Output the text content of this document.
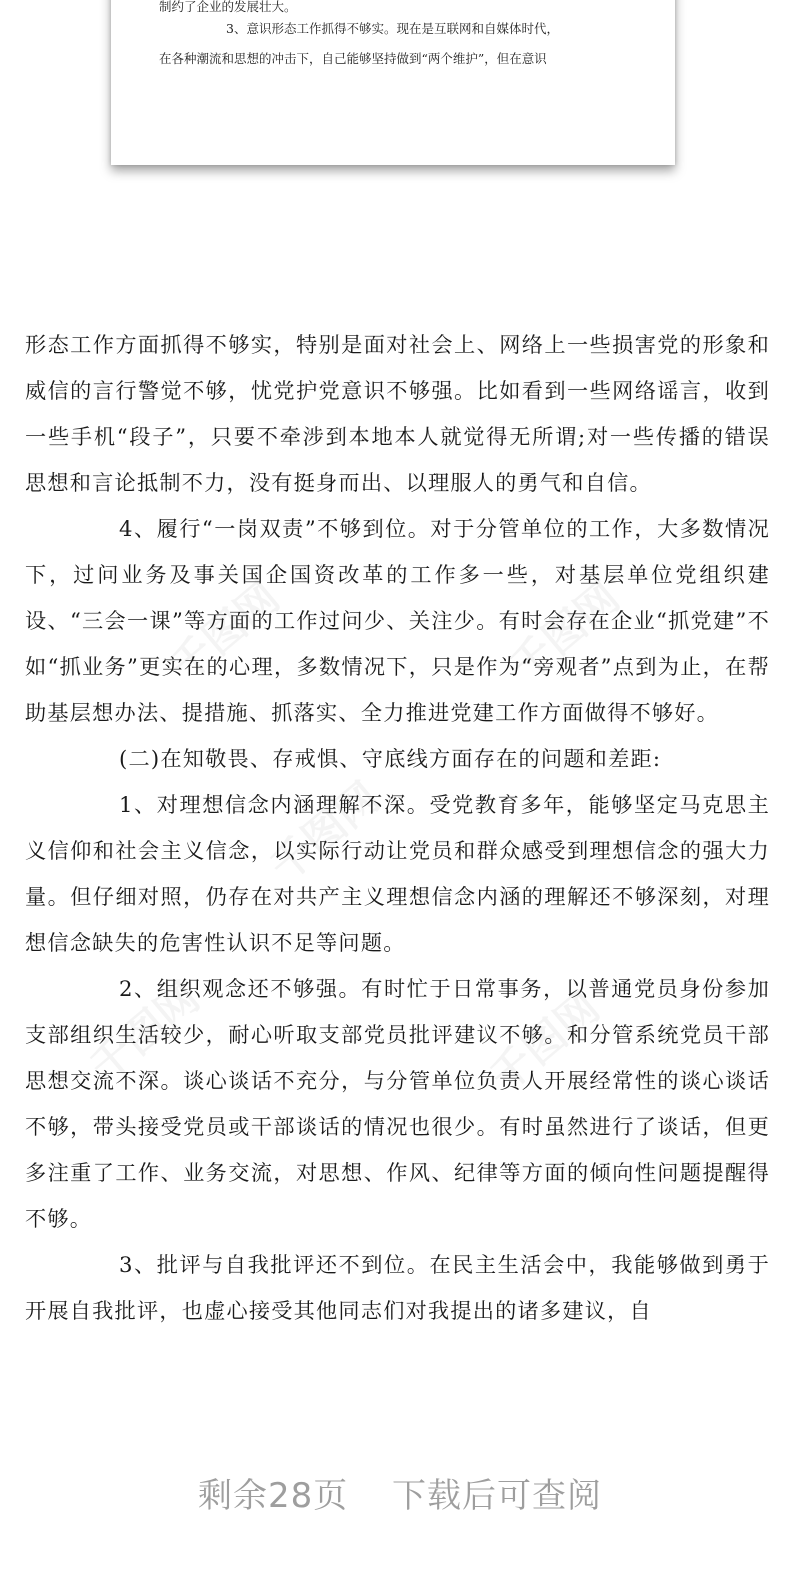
制约了企业的发展壮大。
3、意识形态工作抓得不够实。现在是互联网和自媒体时代，
在各种潮流和思想的冲击下，自己能够坚持做到“两个维护”，但在意识

形态工作方面抓得不够实，特别是面对社会上、网络上一些损害党的形象和威信的言行警觉不够，忧党护党意识不够强。比如看到一些网络谣言，收到一些手机“段子”，只要不牵涉到本地本人就觉得无所谓;对一些传播的错误思想和言论抵制不力，没有挺身而出、以理服人的勇气和自信。

4、履行“一岗双责”不够到位。对于分管单位的工作，大多数情况下，过问业务及事关国企国资改革的工作多一些，对基层单位党组织建设、“三会一课”等方面的工作过问少、关注少。有时会存在企业“抓党建”不如“抓业务”更实在的心理，多数情况下，只是作为“旁观者”点到为止，在帮助基层想办法、提措施、抓落实、全力推进党建工作方面做得不够好。

(二)在知敬畏、存戒惧、守底线方面存在的问题和差距:

1、对理想信念内涵理解不深。受党教育多年，能够坚定马克思主义信仰和社会主义信念，以实际行动让党员和群众感受到理想信念的强大力量。但仔细对照，仍存在对共产主义理想信念内涵的理解还不够深刻，对理想信念缺失的危害性认识不足等问题。

2、组织观念还不够强。有时忙于日常事务，以普通党员身份参加支部组织生活较少，耐心听取支部党员批评建议不够。和分管系统党员干部思想交流不深。谈心谈话不充分，与分管单位负责人开展经常性的谈心谈话不够，带头接受党员或干部谈话的情况也很少。有时虽然进行了谈话，但更多注重了工作、业务交流，对思想、作风、纪律等方面的倾向性问题提醒得不够。

3、批评与自我批评还不到位。在民主生活会中，我能够做到勇于开展自我批评，也虚心接受其他同志们对我提出的诸多建议，自

剩余28页 下载后可查阅
